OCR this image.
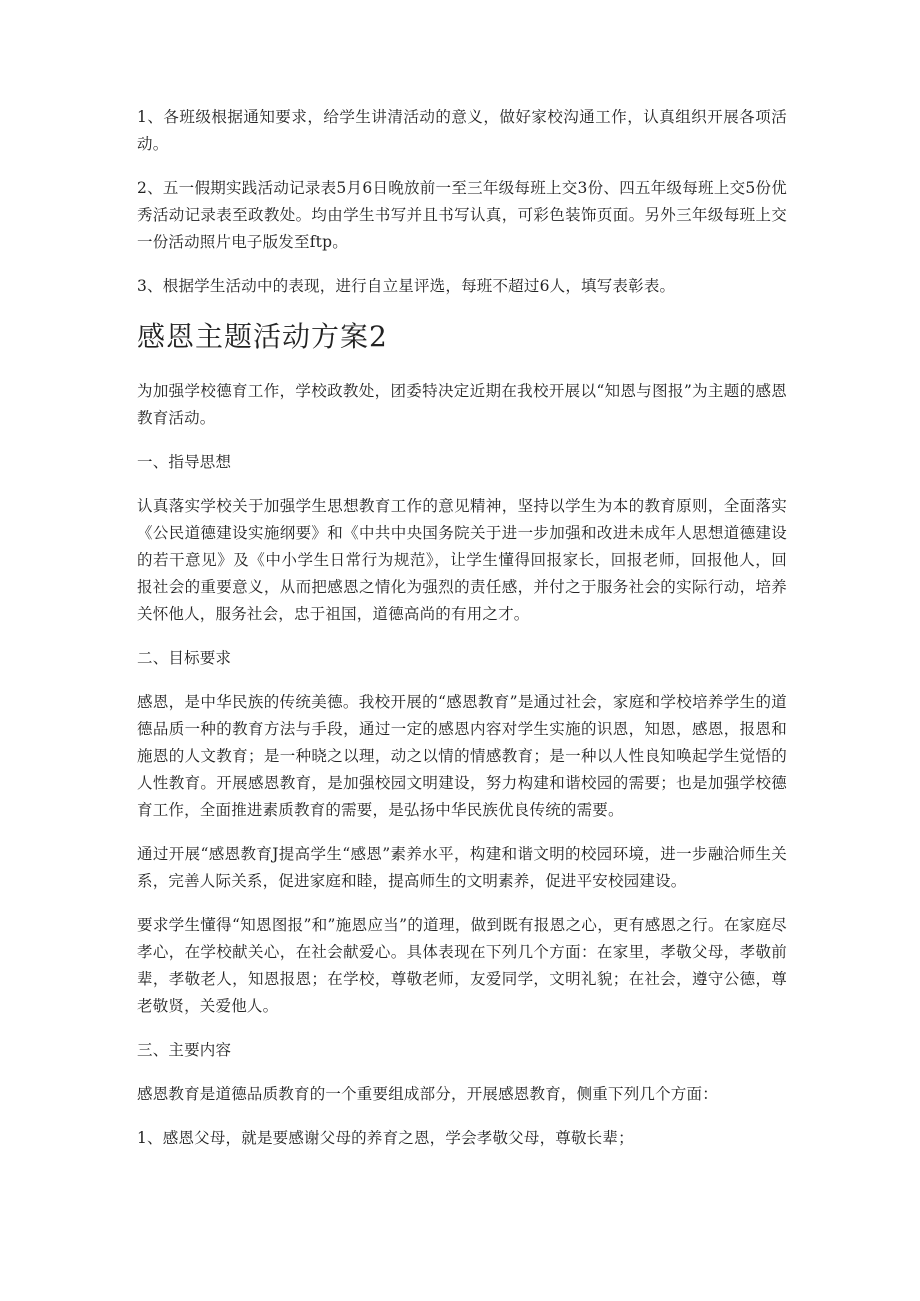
1、各班级根据通知要求，给学生讲清活动的意义，做好家校沟通工作，认真组织开展各项活动。

2、五一假期实践活动记录表5月6日晚放前一至三年级每班上交3份、四五年级每班上交5份优秀活动记录表至政教处。均由学生书写并且书写认真，可彩色装饰页面。另外三年级每班上交一份活动照片电子版发至ftp。

3、根据学生活动中的表现，进行自立星评选，每班不超过6人，填写表彰表。

感恩主题活动方案2

为加强学校德育工作，学校政教处，团委特决定近期在我校开展以“知恩与图报”为主题的感恩教育活动。

一、指导思想

认真落实学校关于加强学生思想教育工作的意见精神，坚持以学生为本的教育原则，全面落实《公民道德建设实施纲要》和《中共中央国务院关于进一步加强和改进未成年人思想道德建设的若干意见》及《中小学生日常行为规范》，让学生懂得回报家长，回报老师，回报他人，回报社会的重要意义，从而把感恩之情化为强烈的责任感，并付之于服务社会的实际行动，培养关怀他人，服务社会，忠于祖国，道德高尚的有用之才。

二、目标要求

感恩，是中华民族的传统美德。我校开展的“感恩教育”是通过社会，家庭和学校培养学生的道德品质一种的教育方法与手段，通过一定的感恩内容对学生实施的识恩，知恩，感恩，报恩和施恩的人文教育；是一种晓之以理，动之以情的情感教育；是一种以人性良知唤起学生觉悟的人性教育。开展感恩教育，是加强校园文明建设，努力构建和谐校园的需要；也是加强学校德育工作，全面推进素质教育的需要，是弘扬中华民族优良传统的需要。

通过开展“感恩教育J提高学生“感恩”素养水平，构建和谐文明的校园环境，进一步融洽师生关系，完善人际关系，促进家庭和睦，提高师生的文明素养，促进平安校园建设。

要求学生懂得“知恩图报”和”施恩应当”的道理，做到既有报恩之心，更有感恩之行。在家庭尽孝心，在学校献关心，在社会献爱心。具体表现在下列几个方面：在家里，孝敬父母，孝敬前辈，孝敬老人，知恩报恩；在学校，尊敬老师，友爱同学，文明礼貌；在社会，遵守公德，尊老敬贤，关爱他人。

三、主要内容

感恩教育是道德品质教育的一个重要组成部分，开展感恩教育，侧重下列几个方面：

1、感恩父母，就是要感谢父母的养育之恩，学会孝敬父母，尊敬长辈；
